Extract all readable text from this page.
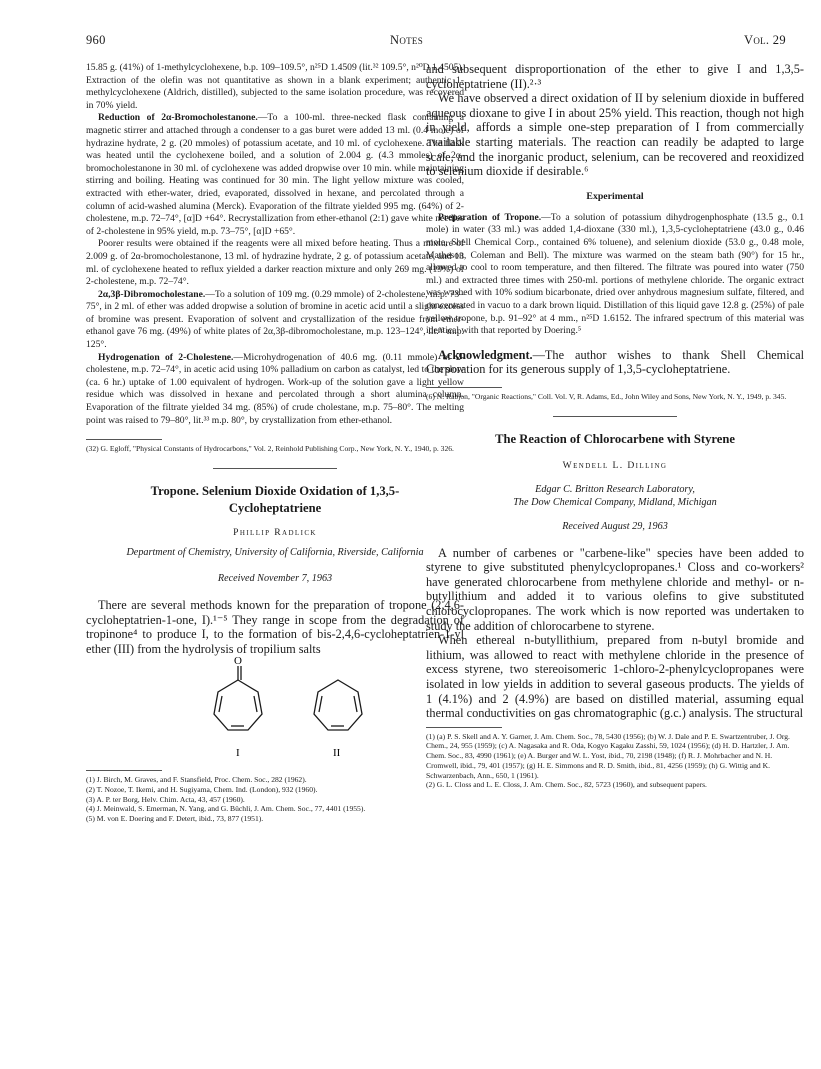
960	Notes	Vol. 29

15.85 g. (41%) of 1-methylcyclohexene, b.p. 109–109.5°, n²⁵D 1.4509 (lit.³² 109.5°, n²⁰D 1.4505). Extraction of the olefin was not quantitative as shown in a blank experiment; authentic 1-methylcyclohexene (Aldrich, distilled), subjected to the same isolation procedure, was recovered in 70% yield.

Reduction of 2α-Bromocholestanone.—To a 100-ml. three-necked flask containing a magnetic stirrer and attached through a condenser to a gas buret were added 13 ml. (0.4 mole) of hydrazine hydrate, 2 g. (20 mmoles) of potassium acetate, and 10 ml. of cyclohexene. The flask was heated until the cyclohexene boiled, and a solution of 2.004 g. (4.3 mmoles) of 2α-bromocholestanone in 30 ml. of cyclohexene was added dropwise over 10 min. while maintaining stirring and boiling. Heating was continued for 30 min. The light yellow mixture was cooled, extracted with ether-water, dried, evaporated, dissolved in hexane, and percolated through a column of acid-washed alumina (Merck). Evaporation of the filtrate yielded 995 mg. (64%) of 2-cholestene, m.p. 72–74°, [α]D +64°. Recrystallization from ether-ethanol (2:1) gave white needles of 2-cholestene in 95% yield, m.p. 73–75°, [α]D +65°.

Poorer results were obtained if the reagents were all mixed before heating. Thus a mixture of 2.009 g. of 2α-bromocholestanone, 13 ml. of hydrazine hydrate, 2 g. of potassium acetate, and 13 ml. of cyclohexene heated to reflux yielded a darker reaction mixture and only 269 mg. (19%) of 2-cholestene, m.p. 72–74°.

2α,3β-Dibromocholestane.—To a solution of 109 mg. (0.29 mmole) of 2-cholestene, m.p. 73–75°, in 2 ml. of ether was added dropwise a solution of bromine in acetic acid until a slight excess of bromine was present. Evaporation of solvent and crystallization of the residue from ether-ethanol gave 76 mg. (49%) of white plates of 2α,3β-dibromocholestane, m.p. 123–124°, lit.³³ m.p. 125°.

Hydrogenation of 2-Cholestene.—Microhydrogenation of 40.6 mg. (0.11 mmole) of 2-cholestene, m.p. 72–74°, in acetic acid using 10% palladium on carbon as catalyst, led to the slow (ca. 6 hr.) uptake of 1.00 equivalent of hydrogen. Work-up of the solution gave a light yellow residue which was dissolved in hexane and percolated through a short alumina column. Evaporation of the filtrate yielded 34 mg. (85%) of crude cholestane, m.p. 75–80°. The melting point was raised to 79–80°, lit.³³ m.p. 80°, by crystallization from ether-ethanol.

(32) G. Egloff, "Physical Constants of Hydrocarbons," Vol. 2, Reinhold Publishing Corp., New York, N. Y., 1940, p. 326.

Tropone. Selenium Dioxide Oxidation of 1,3,5-Cycloheptatriene

Phillip Radlick

Department of Chemistry, University of California, Riverside, California

Received November 7, 1963

There are several methods known for the preparation of tropone (2,4,6-cycloheptatrien-1-one, I).¹⁻⁵ They range in scope from the degradation of tropinone⁴ to produce I, to the formation of bis-2,4,6-cycloheptatrien-1-yl ether (III) from the hydrolysis of tropilium salts

O
I	II

(1) J. Birch, M. Graves, and F. Stansfield, Proc. Chem. Soc., 282 (1962).

(2) T. Nozoe, T. Ikemi, and H. Sugiyama, Chem. Ind. (London), 932 (1960).

(3) A. P. ter Borg, Helv. Chim. Acta, 43, 457 (1960).

(4) J. Meinwald, S. Emerman, N. Yang, and G. Büchli, J. Am. Chem. Soc., 77, 4401 (1955).

(5) M. von E. Doering and F. Detert, ibid., 73, 877 (1951).

and subsequent disproportionation of the ether to give I and 1,3,5-cycloheptatriene (II).²·³

We have observed a direct oxidation of II by selenium dioxide in buffered aqueous dioxane to give I in about 25% yield. This reaction, though not high in yield, affords a simple one-step preparation of I from commercially available starting materials. The reaction can readily be adapted to large scale, and the inorganic product, selenium, can be recovered and reoxidized to selenium dioxide if desirable.⁶

Experimental

Preparation of Tropone.—To a solution of potassium dihydrogenphosphate (13.5 g., 0.1 mole) in water (33 ml.) was added 1,4-dioxane (330 ml.), 1,3,5-cycloheptatriene (43.0 g., 0.46 mole, Shell Chemical Corp., contained 6% toluene), and selenium dioxide (53.0 g., 0.48 mole, Matheson, Coleman and Bell). The mixture was warmed on the steam bath (90°) for 15 hr., allowed to cool to room temperature, and then filtered. The filtrate was poured into water (750 ml.) and extracted three times with 250-ml. portions of methylene chloride. The organic extract was washed with 10% sodium bicarbonate, dried over anhydrous magnesium sulfate, filtered, and concentrated in vacuo to a dark brown liquid. Distillation of this liquid gave 12.8 g. (25%) of pale yellow tropone, b.p. 91–92° at 4 mm., n²⁵D 1.6152. The infrared spectrum of this material was identical with that reported by Doering.⁵

Acknowledgment.—The author wishes to thank Shell Chemical Corporation for its generous supply of 1,3,5-cycloheptatriene.

(6) N. Rabjon, "Organic Reactions," Coll. Vol. V, R. Adams, Ed., John Wiley and Sons, New York, N. Y., 1949, p. 345.

The Reaction of Chlorocarbene with Styrene

Wendell L. Dilling

Edgar C. Britton Research Laboratory,

The Dow Chemical Company, Midland, Michigan

Received August 29, 1963

A number of carbenes or "carbene-like" species have been added to styrene to give substituted phenylcyclopropanes.¹ Closs and co-workers² have generated chlorocarbene from methylene chloride and methyl- or n-butyllithium and added it to various olefins to give substituted chlorocyclopropanes. The work which is now reported was undertaken to study the addition of chlorocarbene to styrene.

When ethereal n-butyllithium, prepared from n-butyl bromide and lithium, was allowed to react with methylene chloride in the presence of excess styrene, two stereoisomeric 1-chloro-2-phenylcyclopropanes were isolated in low yields in addition to several gaseous products. The yields of 1 (4.1%) and 2 (4.9%) are based on distilled material, assuming equal thermal conductivities on gas chromatographic (g.c.) analysis. The structural

(1) (a) P. S. Skell and A. Y. Garner, J. Am. Chem. Soc., 78, 5430 (1956); (b) W. J. Dale and P. E. Swartzentruber, J. Org. Chem., 24, 955 (1959); (c) A. Nagasaka and R. Oda, Kogyo Kagaku Zasshi, 59, 1024 (1956); (d) H. D. Hartzler, J. Am. Chem. Soc., 83, 4990 (1961); (e) A. Burger and W. L. Yost, ibid., 70, 2198 (1948); (f) R. J. Mohrbacher and N. H. Cromwell, ibid., 79, 401 (1957); (g) H. E. Simmons and R. D. Smith, ibid., 81, 4256 (1959); (h) G. Wittig and K. Schwarzenbach, Ann., 650, 1 (1961).

(2) G. L. Closs and L. E. Closs, J. Am. Chem. Soc., 82, 5723 (1960), and subsequent papers.
